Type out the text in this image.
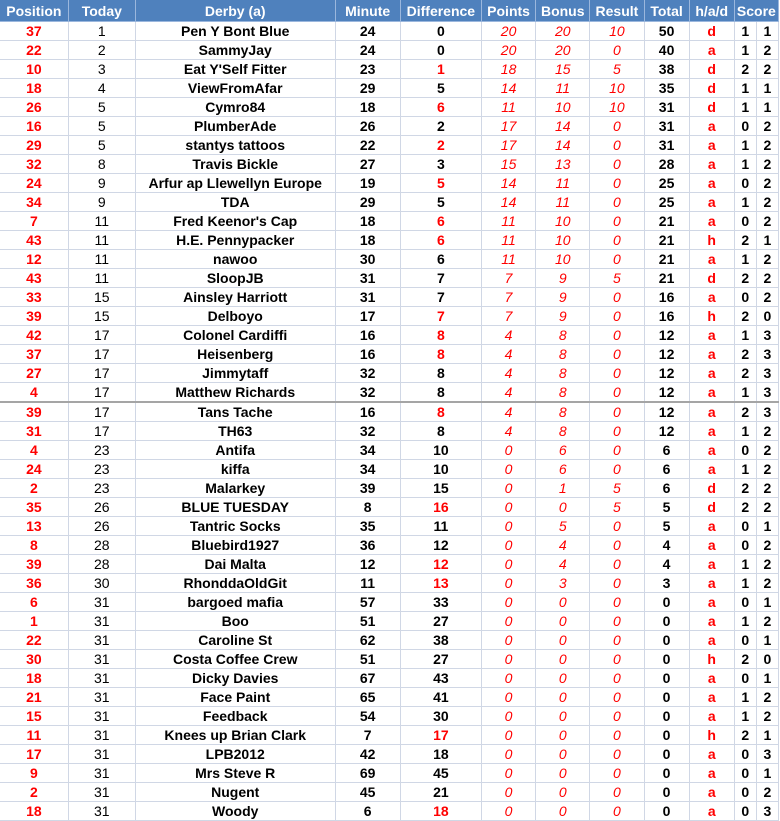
Position	Today	Derby (a)	Minute	Difference	Points	Bonus	Result	Total	h/a/d	Score	
37	1	Pen Y Bont Blue	24	0	20	20	10	50	d	1	1
22	2	SammyJay	24	0	20	20	0	40	a	1	2
10	3	Eat Y'Self Fitter	23	1	18	15	5	38	d	2	2
18	4	ViewFromAfar	29	5	14	11	10	35	d	1	1
26	5	Cymro84	18	6	11	10	10	31	d	1	1
16	5	PlumberAde	26	2	17	14	0	31	a	0	2
29	5	stantys tattoos	22	2	17	14	0	31	a	1	2
32	8	Travis Bickle	27	3	15	13	0	28	a	1	2
24	9	Arfur ap Llewellyn Europe	19	5	14	11	0	25	a	0	2
34	9	TDA	29	5	14	11	0	25	a	1	2
7	11	Fred Keenor's Cap	18	6	11	10	0	21	a	0	2
43	11	H.E. Pennypacker	18	6	11	10	0	21	h	2	1
12	11	nawoo	30	6	11	10	0	21	a	1	2
43	11	SloopJB	31	7	7	9	5	21	d	2	2
33	15	Ainsley Harriott	31	7	7	9	0	16	a	0	2
39	15	Delboyo	17	7	7	9	0	16	h	2	0
42	17	Colonel Cardiffi	16	8	4	8	0	12	a	1	3
37	17	Heisenberg	16	8	4	8	0	12	a	2	3
27	17	Jimmytaff	32	8	4	8	0	12	a	2	3
4	17	Matthew Richards	32	8	4	8	0	12	a	1	3
39	17	Tans Tache	16	8	4	8	0	12	a	2	3
31	17	TH63	32	8	4	8	0	12	a	1	2
4	23	Antifa	34	10	0	6	0	6	a	0	2
24	23	kiffa	34	10	0	6	0	6	a	1	2
2	23	Malarkey	39	15	0	1	5	6	d	2	2
35	26	BLUE TUESDAY	8	16	0	0	5	5	d	2	2
13	26	Tantric Socks	35	11	0	5	0	5	a	0	1
8	28	Bluebird1927	36	12	0	4	0	4	a	0	2
39	28	Dai Malta	12	12	0	4	0	4	a	1	2
36	30	RhonddaOldGit	11	13	0	3	0	3	a	1	2
6	31	bargoed mafia	57	33	0	0	0	0	a	0	1
1	31	Boo	51	27	0	0	0	0	a	1	2
22	31	Caroline St	62	38	0	0	0	0	a	0	1
30	31	Costa Coffee Crew	51	27	0	0	0	0	h	2	0
18	31	Dicky Davies	67	43	0	0	0	0	a	0	1
21	31	Face Paint	65	41	0	0	0	0	a	1	2
15	31	Feedback	54	30	0	0	0	0	a	1	2
11	31	Knees up Brian Clark	7	17	0	0	0	0	h	2	1
17	31	LPB2012	42	18	0	0	0	0	a	0	3
9	31	Mrs Steve R	69	45	0	0	0	0	a	0	1
2	31	Nugent	45	21	0	0	0	0	a	0	2
18	31	Woody	6	18	0	0	0	0	a	0	3
